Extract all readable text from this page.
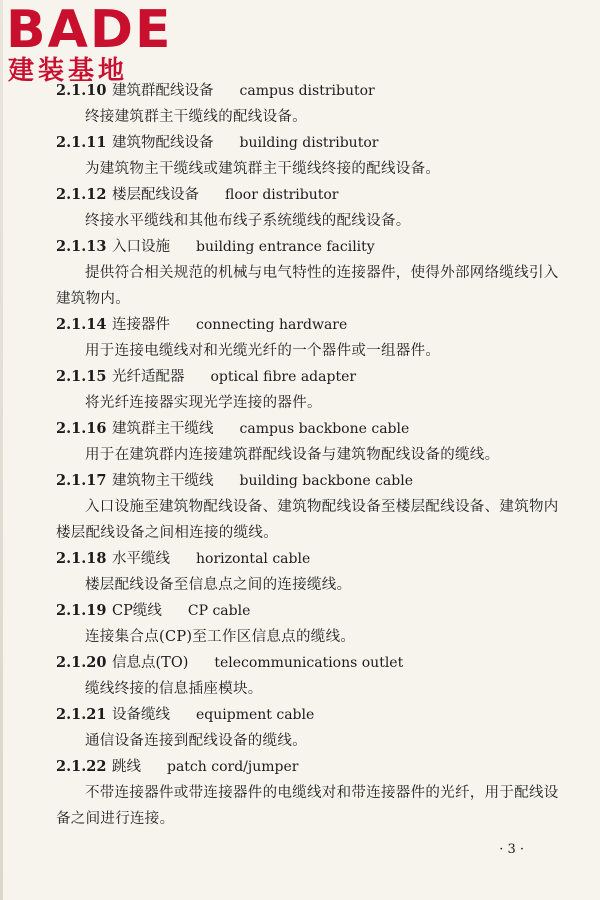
BADE
建装基地
2.1.10 建筑群配线设备 campus distributor
终接建筑群主干缆线的配线设备。
2.1.11 建筑物配线设备 building distributor
为建筑物主干缆线或建筑群主干缆线终接的配线设备。
2.1.12 楼层配线设备 floor distributor
终接水平缆线和其他布线子系统缆线的配线设备。
2.1.13 入口设施 building entrance facility
提供符合相关规范的机械与电气特性的连接器件，使得外部网络缆线引入建筑物内。
2.1.14 连接器件 connecting hardware
用于连接电缆线对和光缆光纤的一个器件或一组器件。
2.1.15 光纤适配器 optical fibre adapter
将光纤连接器实现光学连接的器件。
2.1.16 建筑群主干缆线 campus backbone cable
用于在建筑群内连接建筑群配线设备与建筑物配线设备的缆线。
2.1.17 建筑物主干缆线 building backbone cable
入口设施至建筑物配线设备、建筑物配线设备至楼层配线设备、建筑物内楼层配线设备之间相连接的缆线。
2.1.18 水平缆线 horizontal cable
楼层配线设备至信息点之间的连接缆线。
2.1.19 CP缆线 CP cable
连接集合点(CP)至工作区信息点的缆线。
2.1.20 信息点(TO) telecommunications outlet
缆线终接的信息插座模块。
2.1.21 设备缆线 equipment cable
通信设备连接到配线设备的缆线。
2.1.22 跳线 patch cord/jumper
不带连接器件或带连接器件的电缆线对和带连接器件的光纤，用于配线设备之间进行连接。
· 3 ·
